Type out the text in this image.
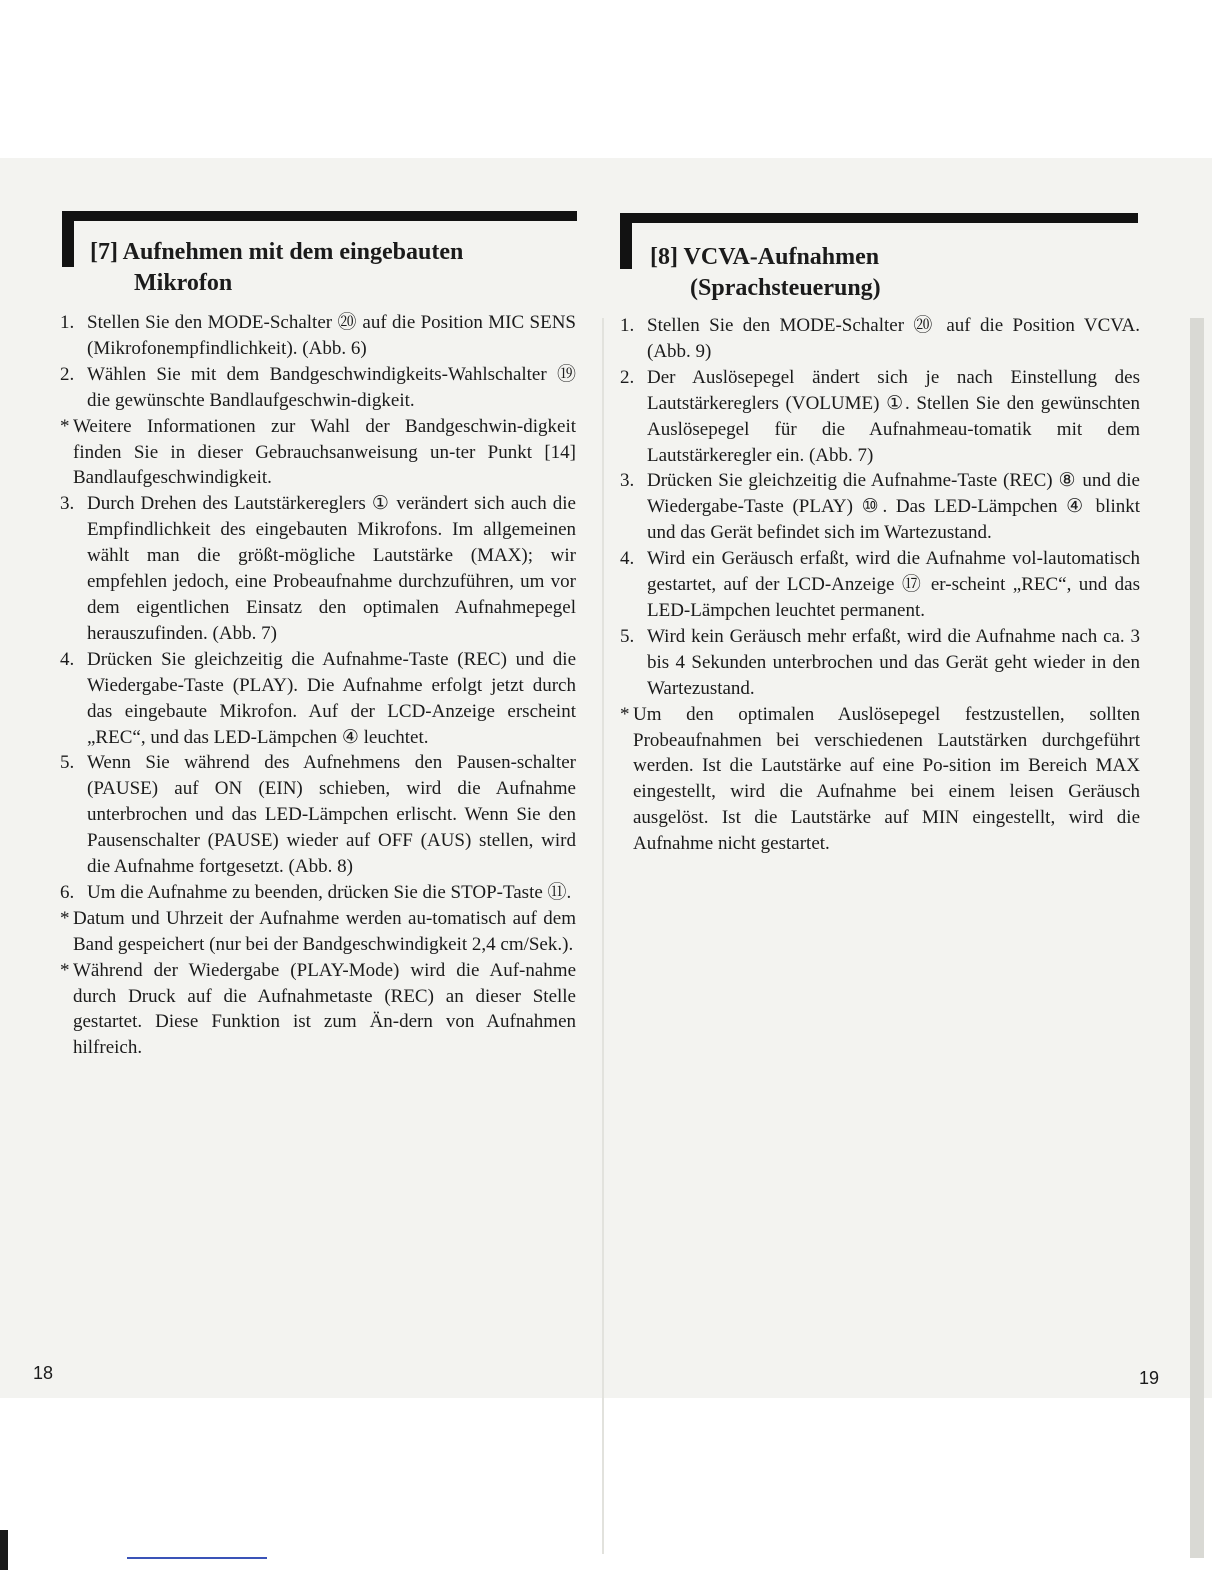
[7] Aufnehmen mit dem eingebauten
Mikrofon
1. Stellen Sie den MODE-Schalter ⑳ auf die Position MIC SENS (Mikrofonempfindlichkeit). (Abb. 6)
2. Wählen Sie mit dem Bandgeschwindigkeits-Wahlschalter ⑲ die gewünschte Bandlaufgeschwin-digkeit.
* Weitere Informationen zur Wahl der Bandgeschwin-digkeit finden Sie in dieser Gebrauchsanweisung un-ter Punkt [14] Bandlaufgeschwindigkeit.
3. Durch Drehen des Lautstärkereglers ① verändert sich auch die Empfindlichkeit des eingebauten Mikrofons. Im allgemeinen wählt man die größt-mögliche Lautstärke (MAX); wir empfehlen jedoch, eine Probeaufnahme durchzuführen, um vor dem eigentlichen Einsatz den optimalen Aufnahmepegel herauszufinden. (Abb. 7)
4. Drücken Sie gleichzeitig die Aufnahme-Taste (REC) und die Wiedergabe-Taste (PLAY). Die Aufnahme erfolgt jetzt durch das eingebaute Mikrofon. Auf der LCD-Anzeige erscheint „REC“, und das LED-Lämpchen ④ leuchtet.
5. Wenn Sie während des Aufnehmens den Pausen-schalter (PAUSE) auf ON (EIN) schieben, wird die Aufnahme unterbrochen und das LED-Lämpchen erlischt. Wenn Sie den Pausenschalter (PAUSE) wieder auf OFF (AUS) stellen, wird die Aufnahme fortgesetzt. (Abb. 8)
6. Um die Aufnahme zu beenden, drücken Sie die STOP-Taste ⑪.
* Datum und Uhrzeit der Aufnahme werden au-tomatisch auf dem Band gespeichert (nur bei der Bandgeschwindigkeit 2,4 cm/Sek.).
* Während der Wiedergabe (PLAY-Mode) wird die Auf-nahme durch Druck auf die Aufnahmetaste (REC) an dieser Stelle gestartet. Diese Funktion ist zum Än-dern von Aufnahmen hilfreich.
18
[8] VCVA-Aufnahmen
(Sprachsteuerung)
1. Stellen Sie den MODE-Schalter ⑳ auf die Position VCVA. (Abb. 9)
2. Der Auslösepegel ändert sich je nach Einstellung des Lautstärkereglers (VOLUME) ①. Stellen Sie den gewünschten Auslösepegel für die Aufnahmeau-tomatik mit dem Lautstärkeregler ein. (Abb. 7)
3. Drücken Sie gleichzeitig die Aufnahme-Taste (REC) ⑧ und die Wiedergabe-Taste (PLAY) ⑩. Das LED-Lämpchen ④ blinkt und das Gerät befindet sich im Wartezustand.
4. Wird ein Geräusch erfaßt, wird die Aufnahme vol-lautomatisch gestartet, auf der LCD-Anzeige ⑰ er-scheint „REC“, und das LED-Lämpchen leuchtet permanent.
5. Wird kein Geräusch mehr erfaßt, wird die Aufnahme nach ca. 3 bis 4 Sekunden unterbrochen und das Gerät geht wieder in den Wartezustand.
* Um den optimalen Auslösepegel festzustellen, sollten Probeaufnahmen bei verschiedenen Lautstärken durchgeführt werden. Ist die Lautstärke auf eine Po-sition im Bereich MAX eingestellt, wird die Aufnahme bei einem leisen Geräusch ausgelöst. Ist die Lautstärke auf MIN eingestellt, wird die Aufnahme nicht gestartet.
19
